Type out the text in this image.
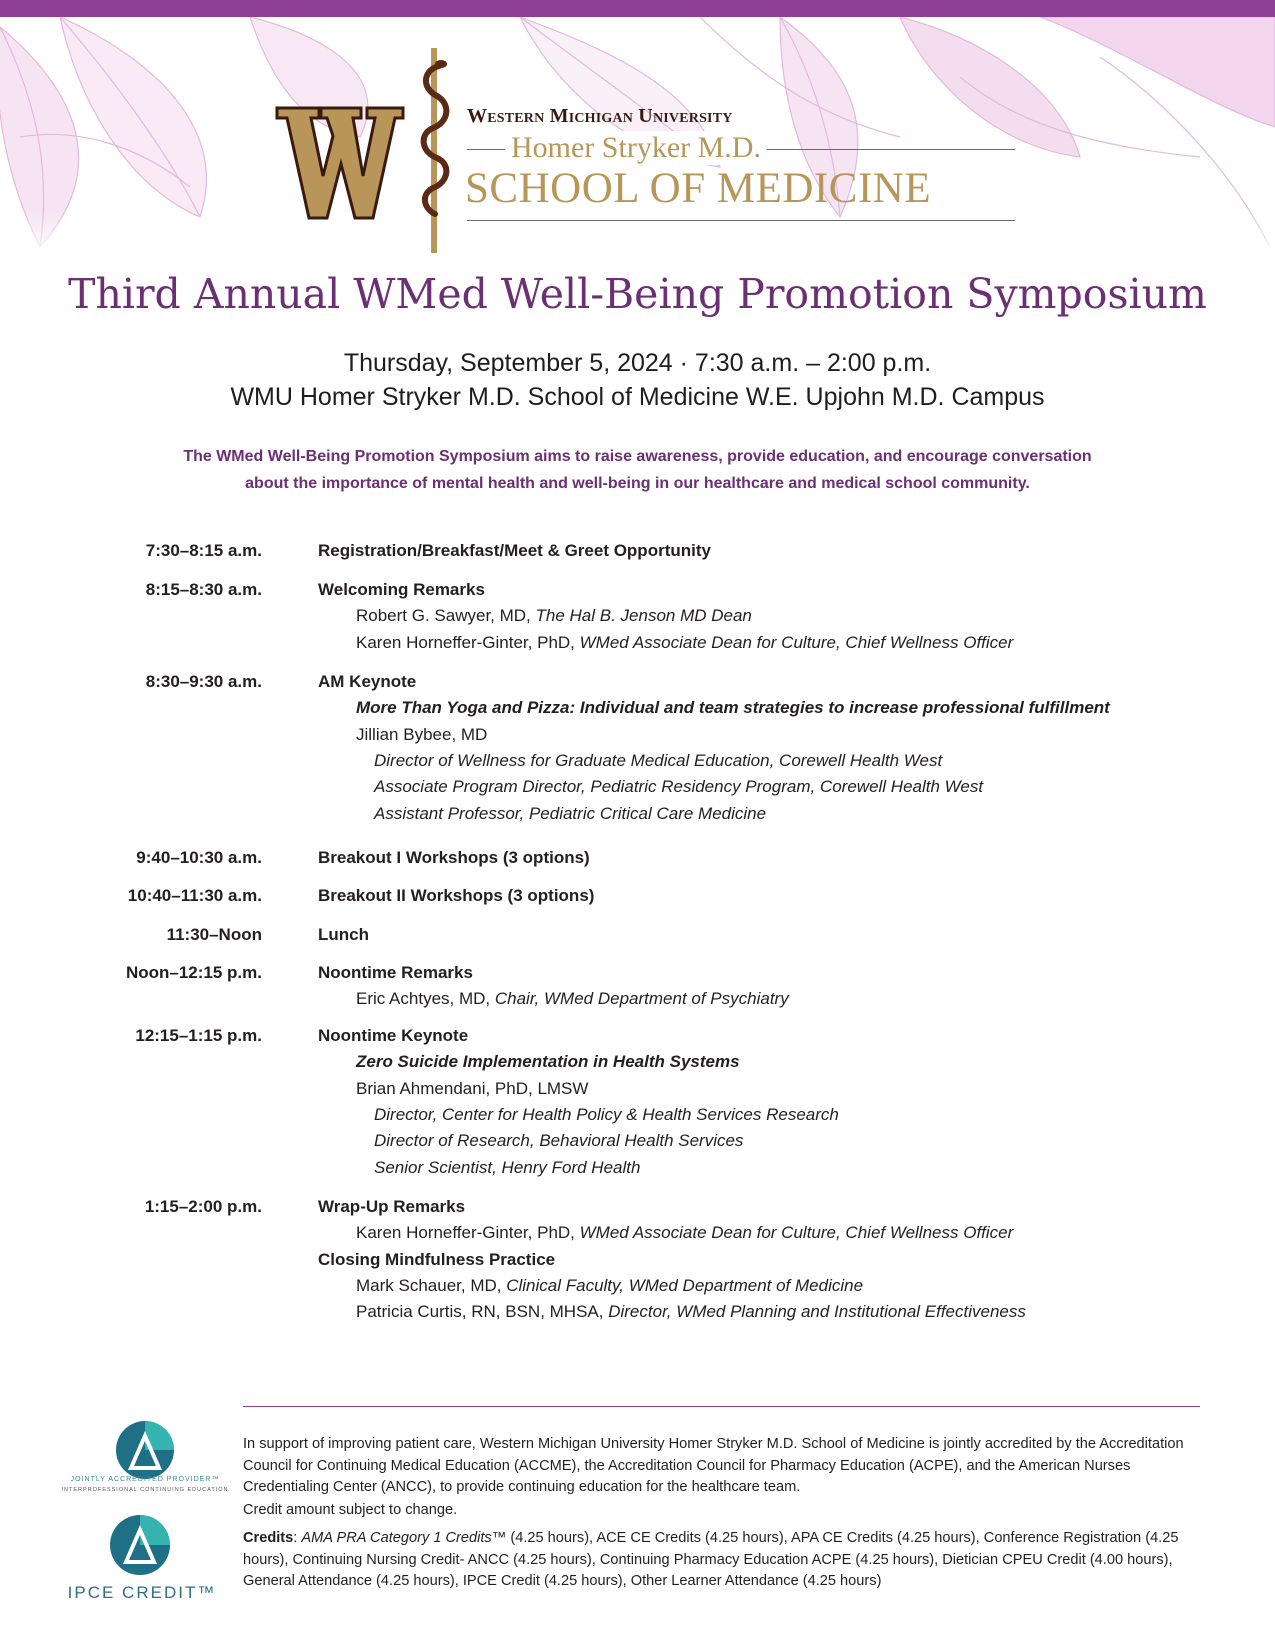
Western Michigan University
Homer Stryker M.D.
SCHOOL OF MEDICINE
Third Annual WMed Well-Being Promotion Symposium
Thursday, September 5, 2024 · 7:30 a.m. – 2:00 p.m.
WMU Homer Stryker M.D. School of Medicine W.E. Upjohn M.D. Campus
The WMed Well-Being Promotion Symposium aims to raise awareness, provide education, and encourage conversation
about the importance of mental health and well-being in our healthcare and medical school community.
7:30–8:15 a.m.	Registration/Breakfast/Meet & Greet Opportunity
8:15–8:30 a.m.	Welcoming Remarks
Robert G. Sawyer, MD, The Hal B. Jenson MD Dean
Karen Horneffer-Ginter, PhD, WMed Associate Dean for Culture, Chief Wellness Officer
8:30–9:30 a.m.	AM Keynote
More Than Yoga and Pizza: Individual and team strategies to increase professional fulfillment
Jillian Bybee, MD
Director of Wellness for Graduate Medical Education, Corewell Health West
Associate Program Director, Pediatric Residency Program, Corewell Health West
Assistant Professor, Pediatric Critical Care Medicine
9:40–10:30 a.m.	Breakout I Workshops (3 options)
10:40–11:30 a.m.	Breakout II Workshops (3 options)
11:30–Noon	Lunch
Noon–12:15 p.m.	Noontime Remarks
Eric Achtyes, MD, Chair, WMed Department of Psychiatry
12:15–1:15 p.m.	Noontime Keynote
Zero Suicide Implementation in Health Systems
Brian Ahmendani, PhD, LMSW
Director, Center for Health Policy & Health Services Research
Director of Research, Behavioral Health Services
Senior Scientist, Henry Ford Health
1:15–2:00 p.m.	Wrap-Up Remarks
Karen Horneffer-Ginter, PhD, WMed Associate Dean for Culture, Chief Wellness Officer
Closing Mindfulness Practice
Mark Schauer, MD, Clinical Faculty, WMed Department of Medicine
Patricia Curtis, RN, BSN, MHSA, Director, WMed Planning and Institutional Effectiveness
JOINTLY ACCREDITED PROVIDER™
INTERPROFESSIONAL CONTINUING EDUCATION
IPCE CREDIT™
In support of improving patient care, Western Michigan University Homer Stryker M.D. School of Medicine is jointly accredited by the Accreditation Council for Continuing Medical Education (ACCME), the Accreditation Council for Pharmacy Education (ACPE), and the American Nurses Credentialing Center (ANCC), to provide continuing education for the healthcare team.
Credit amount subject to change.
Credits: AMA PRA Category 1 Credits™ (4.25 hours), ACE CE Credits (4.25 hours), APA CE Credits (4.25 hours), Conference Registration (4.25 hours), Continuing Nursing Credit- ANCC (4.25 hours), Continuing Pharmacy Education ACPE (4.25 hours), Dietician CPEU Credit (4.00 hours), General Attendance (4.25 hours), IPCE Credit (4.25 hours), Other Learner Attendance (4.25 hours)
